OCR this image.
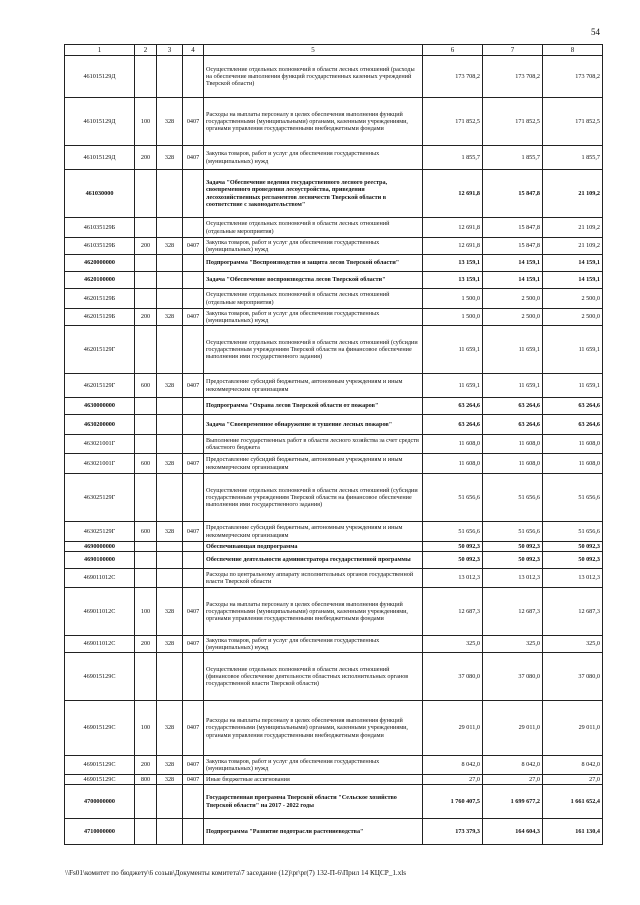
54
1	2	3	4	5	6	7	8
461015129Д				Осуществление отдельных полномочий в области лесных отношений (расходы на обеспечение выполнения функций государственных казенных учреждений Тверской области)	173 708,2	173 708,2	173 708,2
461015129Д	100	328	0407	Расходы на выплаты персоналу в целях обеспечения выполнения функций государственными (муниципальными) органами, казенными учреждениями, органами управления государственными внебюджетными фондами	171 852,5	171 852,5	171 852,5
461015129Д	200	328	0407	Закупка товаров, работ и услуг для обеспечения государственных (муниципальных) нужд	1 855,7	1 855,7	1 855,7
461030000				Задача "Обеспечение ведения государственного лесного реестра, своевременного проведения лесоустройства, приведения лесохозяйственных регламентов лесничеств Тверской области в соответствие с законодательством"	12 691,8	15 847,8	21 109,2
461035129Б				Осуществление отдельных полномочий в области лесных отношений (отдельные мероприятия)	12 691,8	15 847,8	21 109,2
461035129Б	200	328	0407	Закупка товаров, работ и услуг для обеспечения государственных (муниципальных) нужд	12 691,8	15 847,8	21 109,2
4620000000				Подпрограмма "Воспроизводство и защита лесов Тверской области"	13 159,1	14 159,1	14 159,1
4620100000				Задача "Обеспечение воспроизводства лесов Тверской области"	13 159,1	14 159,1	14 159,1
462015129Б				Осуществление отдельных полномочий в области лесных отношений (отдельные мероприятия)	1 500,0	2 500,0	2 500,0
462015129Б	200	328	0407	Закупка товаров, работ и услуг для обеспечения государственных (муниципальных) нужд	1 500,0	2 500,0	2 500,0
462015129Г				Осуществление отдельных полномочий в области лесных отношений (субсидии государственным учреждениям Тверской области на финансовое обеспечение выполнения ими государственного задания)	11 659,1	11 659,1	11 659,1
462015129Г	600	328	0407	Предоставление субсидий бюджетным, автономным учреждениям и иным некоммерческим организациям	11 659,1	11 659,1	11 659,1
4630000000				Подпрограмма "Охрана лесов Тверской области от пожаров"	63 264,6	63 264,6	63 264,6
4630200000				Задача "Своевременное обнаружение и тушение лесных пожаров"	63 264,6	63 264,6	63 264,6
463021001Г				Выполнение государственных работ в области лесного хозяйства за счет средств областного бюджета	11 608,0	11 608,0	11 608,0
463021001Г	600	328	0407	Предоставление субсидий бюджетным, автономным учреждениям и иным некоммерческим организациям	11 608,0	11 608,0	11 608,0
463025129Г				Осуществление отдельных полномочий в области лесных отношений (субсидии государственным учреждениям Тверской области на финансовое обеспечение выполнения ими государственного задания)	51 656,6	51 656,6	51 656,6
463025129Г	600	328	0407	Предоставление субсидий бюджетным, автономным учреждениям и иным некоммерческим организациям	51 656,6	51 656,6	51 656,6
4690000000				Обеспечивающая подпрограмма	50 092,3	50 092,3	50 092,3
4690100000				Обеспечение деятельности администратора государственной программы	50 092,3	50 092,3	50 092,3
469011012С				Расходы по центральному аппарату исполнительных органов государственной власти Тверской области	13 012,3	13 012,3	13 012,3
469011012С	100	328	0407	Расходы на выплаты персоналу в целях обеспечения выполнения функций государственными (муниципальными) органами, казенными учреждениями, органами управления государственными внебюджетными фондами	12 687,3	12 687,3	12 687,3
469011012С	200	328	0407	Закупка товаров, работ и услуг для обеспечения государственных (муниципальных) нужд	325,0	325,0	325,0
469015129С				Осуществление отдельных полномочий в области лесных отношений (финансовое обеспечение деятельности областных исполнительных органов государственной власти Тверской области)	37 080,0	37 080,0	37 080,0
469015129С	100	328	0407	Расходы на выплаты персоналу в целях обеспечения выполнения функций государственными (муниципальными) органами, казенными учреждениями, органами управления государственными внебюджетными фондами	29 011,0	29 011,0	29 011,0
469015129С	200	328	0407	Закупка товаров, работ и услуг для обеспечения государственных (муниципальных) нужд	8 042,0	8 042,0	8 042,0
469015129С	800	328	0407	Иные бюджетные ассигнования	27,0	27,0	27,0
4700000000				Государственная программа Тверской области "Сельское хозяйство Тверской области" на 2017 - 2022 годы	1 760 407,5	1 699 677,2	1 661 652,4
4710000000				Подпрограмма "Развитие подотрасли растениеводства"	173 379,3	164 604,3	161 130,4
\\Fs01\комитет по бюджету\6 созыв\Документы комитета\7 заседание (12)\pr\pr(7) 132-П-6\Прил 14 КЦСР_1.xls
